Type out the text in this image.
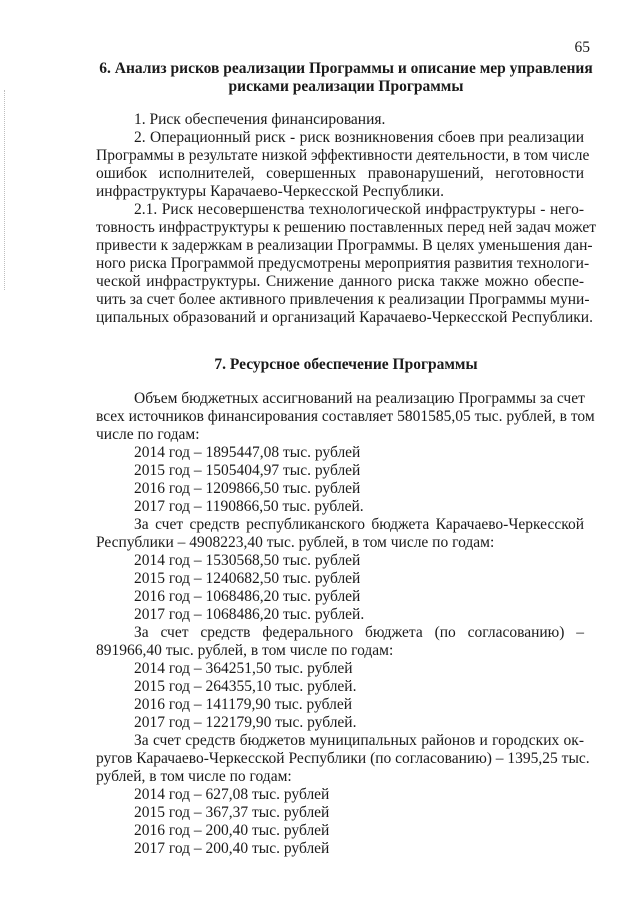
65
6. Анализ рисков реализации Программы и описание мер управления
рисками реализации Программы
1. Риск обеспечения финансирования.
2. Операционный риск - риск возникновения сбоев при реализации
Программы в результате низкой эффективности деятельности, в том числе
ошибок исполнителей, совершенных правонарушений, неготовности
инфраструктуры Карачаево-Черкесской Республики.
2.1. Риск несовершенства технологической инфраструктуры - него-
товность инфраструктуры к решению поставленных перед ней задач может
привести к задержкам в реализации Программы. В целях уменьшения дан-
ного риска Программой предусмотрены мероприятия развития технологи-
ческой инфраструктуры. Снижение данного риска также можно обеспе-
чить за счет более активного привлечения к реализации Программы муни-
ципальных образований и организаций Карачаево-Черкесской Республики.
7. Ресурсное обеспечение Программы
Объем бюджетных ассигнований на реализацию Программы за счет
всех источников финансирования составляет 5801585,05 тыс. рублей, в том
числе по годам:
2014 год – 1895447,08 тыс. рублей
2015 год – 1505404,97 тыс. рублей
2016 год – 1209866,50 тыс. рублей
2017 год – 1190866,50 тыс. рублей.
За счет средств республиканского бюджета Карачаево-Черкесской
Республики – 4908223,40 тыс. рублей, в том числе по годам:
2014 год – 1530568,50 тыс. рублей
2015 год – 1240682,50 тыс. рублей
2016 год – 1068486,20 тыс. рублей
2017 год – 1068486,20 тыс. рублей.
За счет средств федерального бюджета (по согласованию) –
891966,40 тыс. рублей, в том числе по годам:
2014 год – 364251,50 тыс. рублей
2015 год – 264355,10 тыс. рублей.
2016 год – 141179,90 тыс. рублей
2017 год – 122179,90 тыс. рублей.
За счет средств бюджетов муниципальных районов и городских ок-
ругов Карачаево-Черкесской Республики (по согласованию) – 1395,25 тыс.
рублей, в том числе по годам:
2014 год – 627,08 тыс. рублей
2015 год – 367,37 тыс. рублей
2016 год – 200,40 тыс. рублей
2017 год – 200,40 тыс. рублей
